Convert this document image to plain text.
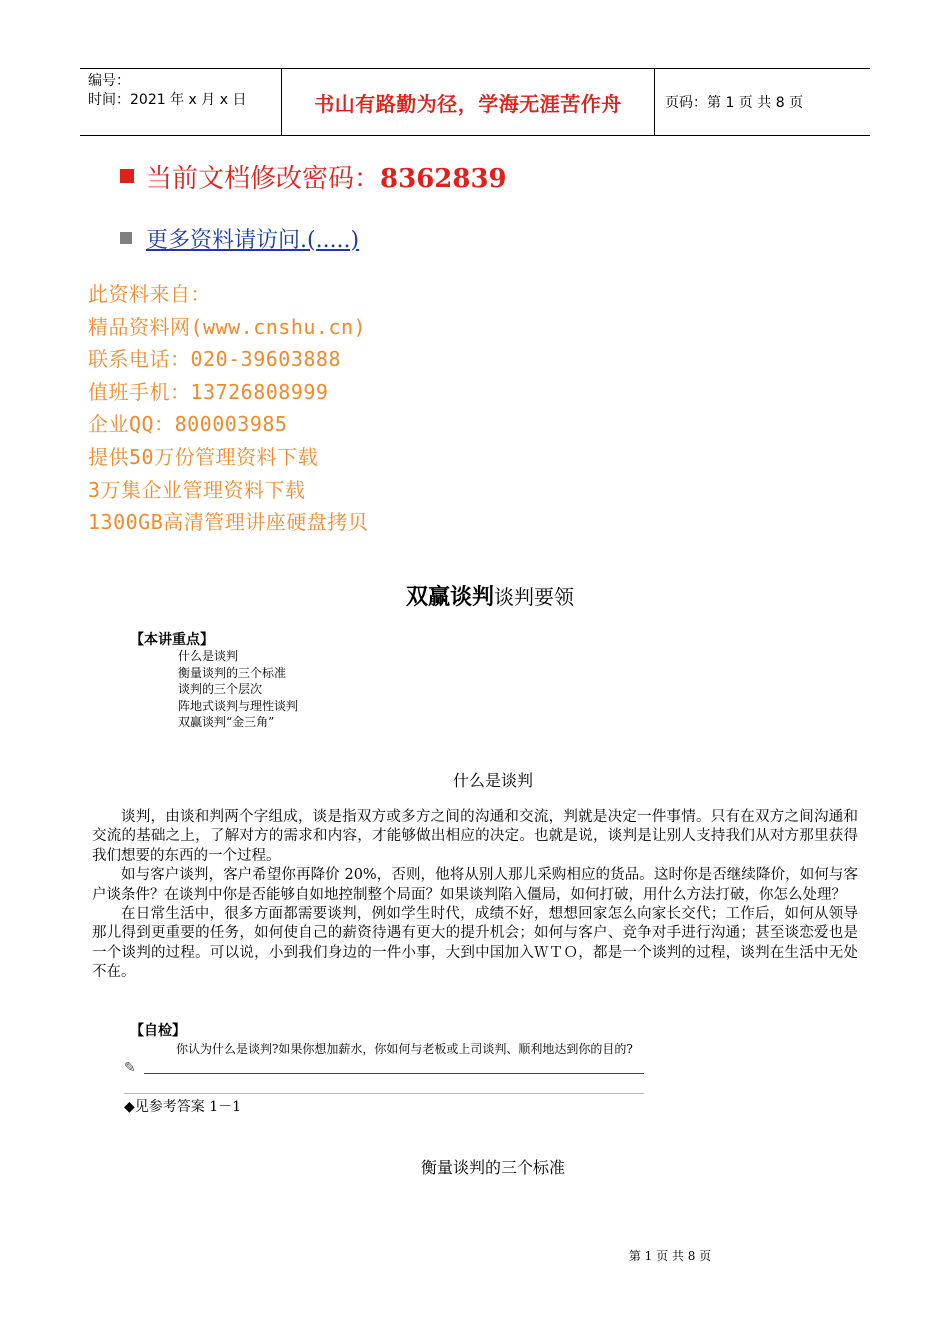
编号：
时间：2021 年 x 月 x 日	书山有路勤为径，学海无涯苦作舟	页码：第 1 页 共 8 页
当前文档修改密码：8362839
更多资料请访问.(.....)
此资料来自：
精品资料网(www.cnshu.cn)
联系电话：020-39603888
值班手机：13726808999
企业QQ：800003985
提供50万份管理资料下载
3万集企业管理资料下载
1300GB高清管理讲座硬盘拷贝
双赢谈判谈判要领
【本讲重点】
什么是谈判
衡量谈判的三个标准
谈判的三个层次
阵地式谈判与理性谈判
双赢谈判“金三角”
什么是谈判

谈判，由谈和判两个字组成，谈是指双方或多方之间的沟通和交流，判就是决定一件事情。只有在双方之间沟通和交流的基础之上，了解对方的需求和内容，才能够做出相应的决定。也就是说，谈判是让别人支持我们从对方那里获得我们想要的东西的一个过程。

如与客户谈判，客户希望你再降价 20%，否则，他将从别人那儿采购相应的货品。这时你是否继续降价，如何与客户谈条件？在谈判中你是否能够自如地控制整个局面？如果谈判陷入僵局，如何打破，用什么方法打破，你怎么处理？

在日常生活中，很多方面都需要谈判，例如学生时代，成绩不好，想想回家怎么向家长交代；工作后，如何从领导那儿得到更重要的任务，如何使自己的薪资待遇有更大的提升机会；如何与客户、竞争对手进行沟通；甚至谈恋爱也是一个谈判的过程。可以说，小到我们身边的一件小事，大到中国加入ＷＴＯ，都是一个谈判的过程，谈判在生活中无处不在。

【自检】
你认为什么是谈判?如果你想加薪水，你如何与老板或上司谈判、顺利地达到你的目的?
✎
◆见参考答案 1－1
衡量谈判的三个标准
第 1 页 共 8 页
